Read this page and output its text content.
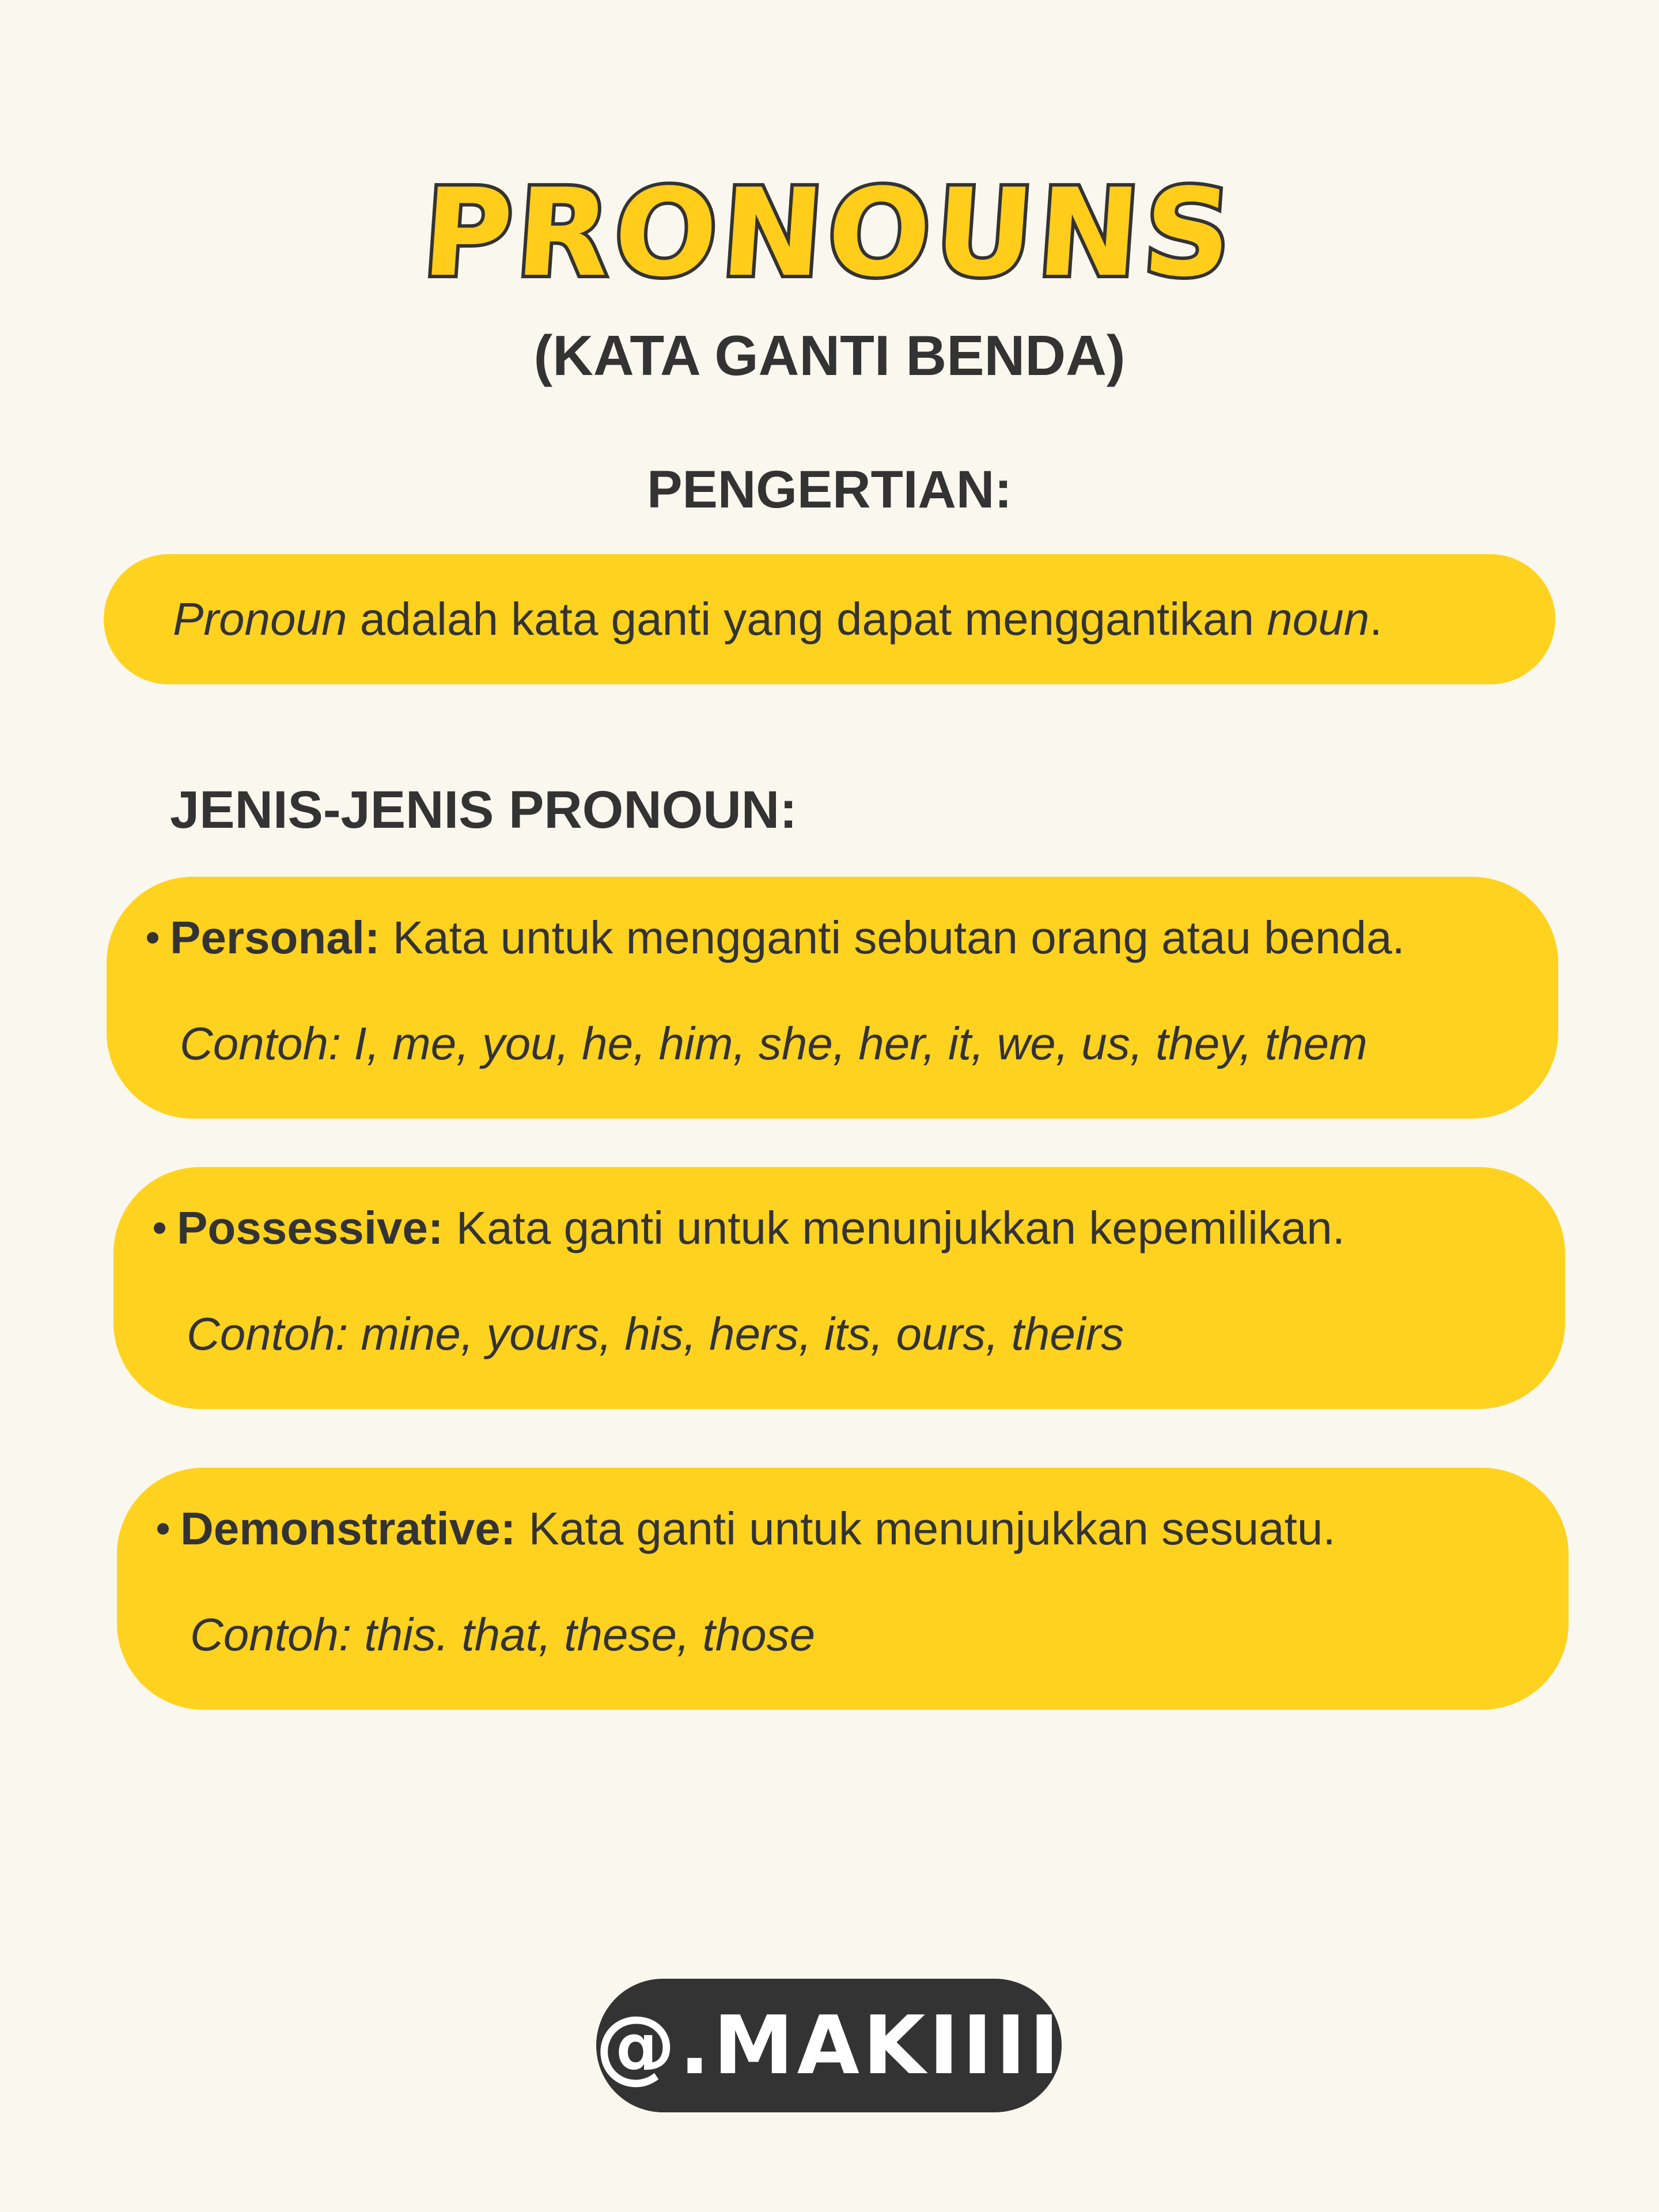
PRONOUNS
(KATA GANTI BENDA)
PENGERTIAN:
Pronoun adalah kata ganti yang dapat menggantikan noun.
JENIS-JENIS PRONOUN:
Personal: Kata untuk mengganti sebutan orang atau benda.
Contoh: I, me, you, he, him, she, her, it, we, us, they, them
Possessive: Kata ganti untuk menunjukkan kepemilikan.
Contoh: mine, yours, his, hers, its, ours, theirs
Demonstrative: Kata ganti untuk menunjukkan sesuatu.
Contoh: this. that, these, those
@.MAKIIII
